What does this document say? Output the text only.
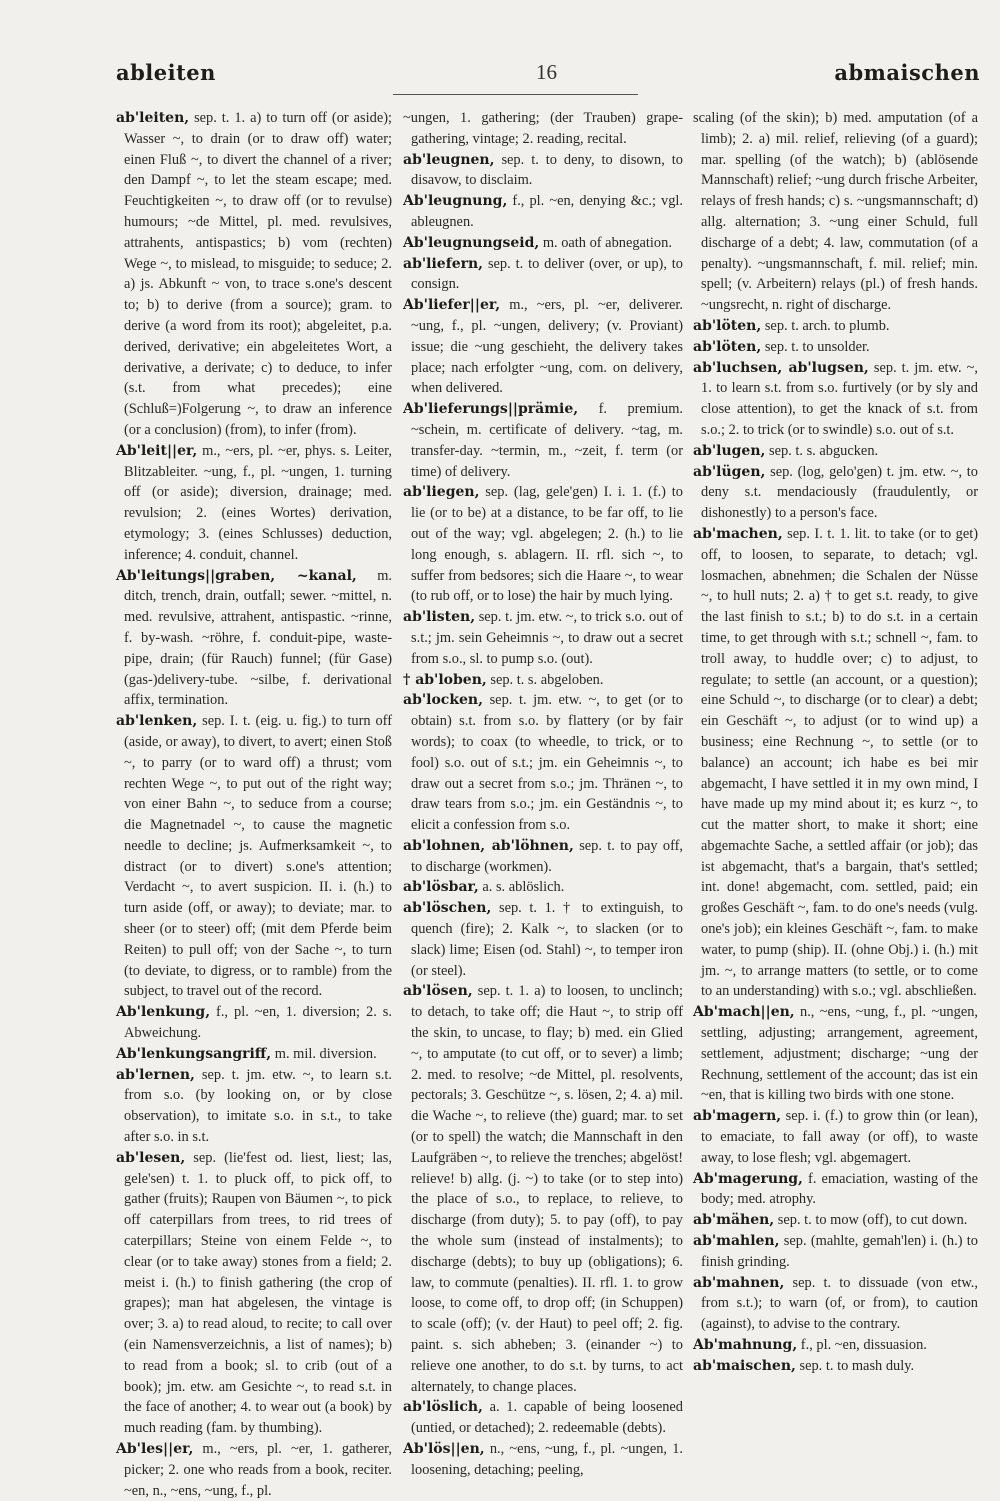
ableiten	16	abmaischen

ab'leiten, sep. t. 1. a) to turn off (or aside); Wasser ~, to drain (or to draw off) water; einen Fluß ~, to divert the channel of a river; den Dampf ~, to let the steam escape; med. Feuchtigkeiten ~, to draw off (or to revulse) humours; ~de Mittel, pl. med. revulsives, attrahents, antispastics; b) vom (rechten) Wege ~, to mislead, to misguide; to seduce; 2. a) js. Abkunft ~ von, to trace s.one's descent to; b) to derive (from a source); gram. to derive (a word from its root); abgeleitet, p.a. derived, derivative; ein abgeleitetes Wort, a derivative, a derivate; c) to deduce, to infer (s.t. from what precedes); eine (Schluß=)Folgerung ~, to draw an inference (or a conclusion) (from), to infer (from).

Ab'leit||er, m., ~ers, pl. ~er, phys. s. Leiter, Blitzableiter. ~ung, f., pl. ~ungen, 1. turning off (or aside); diversion, drainage; med. revulsion; 2. (eines Wortes) derivation, etymology; 3. (eines Schlusses) deduction, inference; 4. conduit, channel.

Ab'leitungs||graben, ~kanal, m. ditch, trench, drain, outfall; sewer. ~mittel, n. med. revulsive, attrahent, antispastic. ~rinne, f. by-wash. ~röhre, f. conduit-pipe, waste-pipe, drain; (für Rauch) funnel; (für Gase) (gas-)delivery-tube. ~silbe, f. derivational affix, termination.

ab'lenken, sep. I. t. (eig. u. fig.) to turn off (aside, or away), to divert, to avert; einen Stoß ~, to parry (or to ward off) a thrust; vom rechten Wege ~, to put out of the right way; von einer Bahn ~, to seduce from a course; die Magnetnadel ~, to cause the magnetic needle to decline; js. Aufmerksamkeit ~, to distract (or to divert) s.one's attention; Verdacht ~, to avert suspicion. II. i. (h.) to turn aside (off, or away); to deviate; mar. to sheer (or to steer) off; (mit dem Pferde beim Reiten) to pull off; von der Sache ~, to turn (to deviate, to digress, or to ramble) from the subject, to travel out of the record.

Ab'lenkung, f., pl. ~en, 1. diversion; 2. s. Abweichung.

Ab'lenkungsangriff, m. mil. diversion.

ab'lernen, sep. t. jm. etw. ~, to learn s.t. from s.o. (by looking on, or by close observation), to imitate s.o. in s.t., to take after s.o. in s.t.

ab'lesen, sep. (lie'fest od. liest, liest; las, gele'sen) t. 1. to pluck off, to pick off, to gather (fruits); Raupen von Bäumen ~, to pick off caterpillars from trees, to rid trees of caterpillars; Steine von einem Felde ~, to clear (or to take away) stones from a field; 2. meist i. (h.) to finish gathering (the crop of grapes); man hat abgelesen, the vintage is over; 3. a) to read aloud, to recite; to call over (ein Namensverzeichnis, a list of names); b) to read from a book; sl. to crib (out of a book); jm. etw. am Gesichte ~, to read s.t. in the face of another; 4. to wear out (a book) by much reading (fam. by thumbing).

Ab'les||er, m., ~ers, pl. ~er, 1. gatherer, picker; 2. one who reads from a book, reciter. ~en, n., ~ens, ~ung, f., pl.

~ungen, 1. gathering; (der Trauben) grape-gathering, vintage; 2. reading, recital.

ab'leugnen, sep. t. to deny, to disown, to disavow, to disclaim.

Ab'leugnung, f., pl. ~en, denying &c.; vgl. ableugnen.

Ab'leugnungseid, m. oath of abnegation.

ab'liefern, sep. t. to deliver (over, or up), to consign.

Ab'liefer||er, m., ~ers, pl. ~er, deliverer. ~ung, f., pl. ~ungen, delivery; (v. Proviant) issue; die ~ung geschieht, the delivery takes place; nach erfolgter ~ung, com. on delivery, when delivered.

Ab'lieferungs||prämie, f. premium. ~schein, m. certificate of delivery. ~tag, m. transfer-day. ~termin, m., ~zeit, f. term (or time) of delivery.

ab'liegen, sep. (lag, gele'gen) I. i. 1. (f.) to lie (or to be) at a distance, to be far off, to lie out of the way; vgl. abgelegen; 2. (h.) to lie long enough, s. ablagern. II. rfl. sich ~, to suffer from bedsores; sich die Haare ~, to wear (to rub off, or to lose) the hair by much lying.

ab'listen, sep. t. jm. etw. ~, to trick s.o. out of s.t.; jm. sein Geheimnis ~, to draw out a secret from s.o., sl. to pump s.o. (out).

† ab'loben, sep. t. s. abgeloben.

ab'locken, sep. t. jm. etw. ~, to get (or to obtain) s.t. from s.o. by flattery (or by fair words); to coax (to wheedle, to trick, or to fool) s.o. out of s.t.; jm. ein Geheimnis ~, to draw out a secret from s.o.; jm. Thränen ~, to draw tears from s.o.; jm. ein Geständnis ~, to elicit a confession from s.o.

ab'lohnen, ab'löhnen, sep. t. to pay off, to discharge (workmen).

ab'lösbar, a. s. ablöslich.

ab'löschen, sep. t. 1. † to extinguish, to quench (fire); 2. Kalk ~, to slacken (or to slack) lime; Eisen (od. Stahl) ~, to temper iron (or steel).

ab'lösen, sep. t. 1. a) to loosen, to unclinch; to detach, to take off; die Haut ~, to strip off the skin, to uncase, to flay; b) med. ein Glied ~, to amputate (to cut off, or to sever) a limb; 2. med. to resolve; ~de Mittel, pl. resolvents, pectorals; 3. Geschütze ~, s. lösen, 2; 4. a) mil. die Wache ~, to relieve (the) guard; mar. to set (or to spell) the watch; die Mannschaft in den Laufgräben ~, to relieve the trenches; abgelöst! relieve! b) allg. (j. ~) to take (or to step into) the place of s.o., to replace, to relieve, to discharge (from duty); 5. to pay (off), to pay the whole sum (instead of instalments); to discharge (debts); to buy up (obligations); 6. law, to commute (penalties). II. rfl. 1. to grow loose, to come off, to drop off; (in Schuppen) to scale (off); (v. der Haut) to peel off; 2. fig. paint. s. sich abheben; 3. (einander ~) to relieve one another, to do s.t. by turns, to act alternately, to change places.

ab'löslich, a. 1. capable of being loosened (untied, or detached); 2. redeemable (debts).

Ab'lös||en, n., ~ens, ~ung, f., pl. ~ungen, 1. loosening, detaching; peeling,

scaling (of the skin); b) med. amputation (of a limb); 2. a) mil. relief, relieving (of a guard); mar. spelling (of the watch); b) (ablösende Mannschaft) relief; ~ung durch frische Arbeiter, relays of fresh hands; c) s. ~ungsmannschaft; d) allg. alternation; 3. ~ung einer Schuld, full discharge of a debt; 4. law, commutation (of a penalty). ~ungsmannschaft, f. mil. relief; min. spell; (v. Arbeitern) relays (pl.) of fresh hands. ~ungsrecht, n. right of discharge.

ab'löten, sep. t. arch. to plumb.

ab'löten, sep. t. to unsolder.

ab'luchsen, ab'lugsen, sep. t. jm. etw. ~, 1. to learn s.t. from s.o. furtively (or by sly and close attention), to get the knack of s.t. from s.o.; 2. to trick (or to swindle) s.o. out of s.t.

ab'lugen, sep. t. s. abgucken.

ab'lügen, sep. (log, gelo'gen) t. jm. etw. ~, to deny s.t. mendaciously (fraudulently, or dishonestly) to a person's face.

ab'machen, sep. I. t. 1. lit. to take (or to get) off, to loosen, to separate, to detach; vgl. losmachen, abnehmen; die Schalen der Nüsse ~, to hull nuts; 2. a) † to get s.t. ready, to give the last finish to s.t.; b) to do s.t. in a certain time, to get through with s.t.; schnell ~, fam. to troll away, to huddle over; c) to adjust, to regulate; to settle (an account, or a question); eine Schuld ~, to discharge (or to clear) a debt; ein Geschäft ~, to adjust (or to wind up) a business; eine Rechnung ~, to settle (or to balance) an account; ich habe es bei mir abgemacht, I have settled it in my own mind, I have made up my mind about it; es kurz ~, to cut the matter short, to make it short; eine abgemachte Sache, a settled affair (or job); das ist abgemacht, that's a bargain, that's settled; int. done! abgemacht, com. settled, paid; ein großes Geschäft ~, fam. to do one's needs (vulg. one's job); ein kleines Geschäft ~, fam. to make water, to pump (ship). II. (ohne Obj.) i. (h.) mit jm. ~, to arrange matters (to settle, or to come to an understanding) with s.o.; vgl. abschließen.

Ab'mach||en, n., ~ens, ~ung, f., pl. ~ungen, settling, adjusting; arrangement, agreement, settlement, adjustment; discharge; ~ung der Rechnung, settlement of the account; das ist ein ~en, that is killing two birds with one stone.

ab'magern, sep. i. (f.) to grow thin (or lean), to emaciate, to fall away (or off), to waste away, to lose flesh; vgl. abgemagert.

Ab'magerung, f. emaciation, wasting of the body; med. atrophy.

ab'mähen, sep. t. to mow (off), to cut down.

ab'mahlen, sep. (mahlte, gemah'len) i. (h.) to finish grinding.

ab'mahnen, sep. t. to dissuade (von etw., from s.t.); to warn (of, or from), to caution (against), to advise to the contrary.

Ab'mahnung, f., pl. ~en, dissuasion.

ab'maischen, sep. t. to mash duly.
